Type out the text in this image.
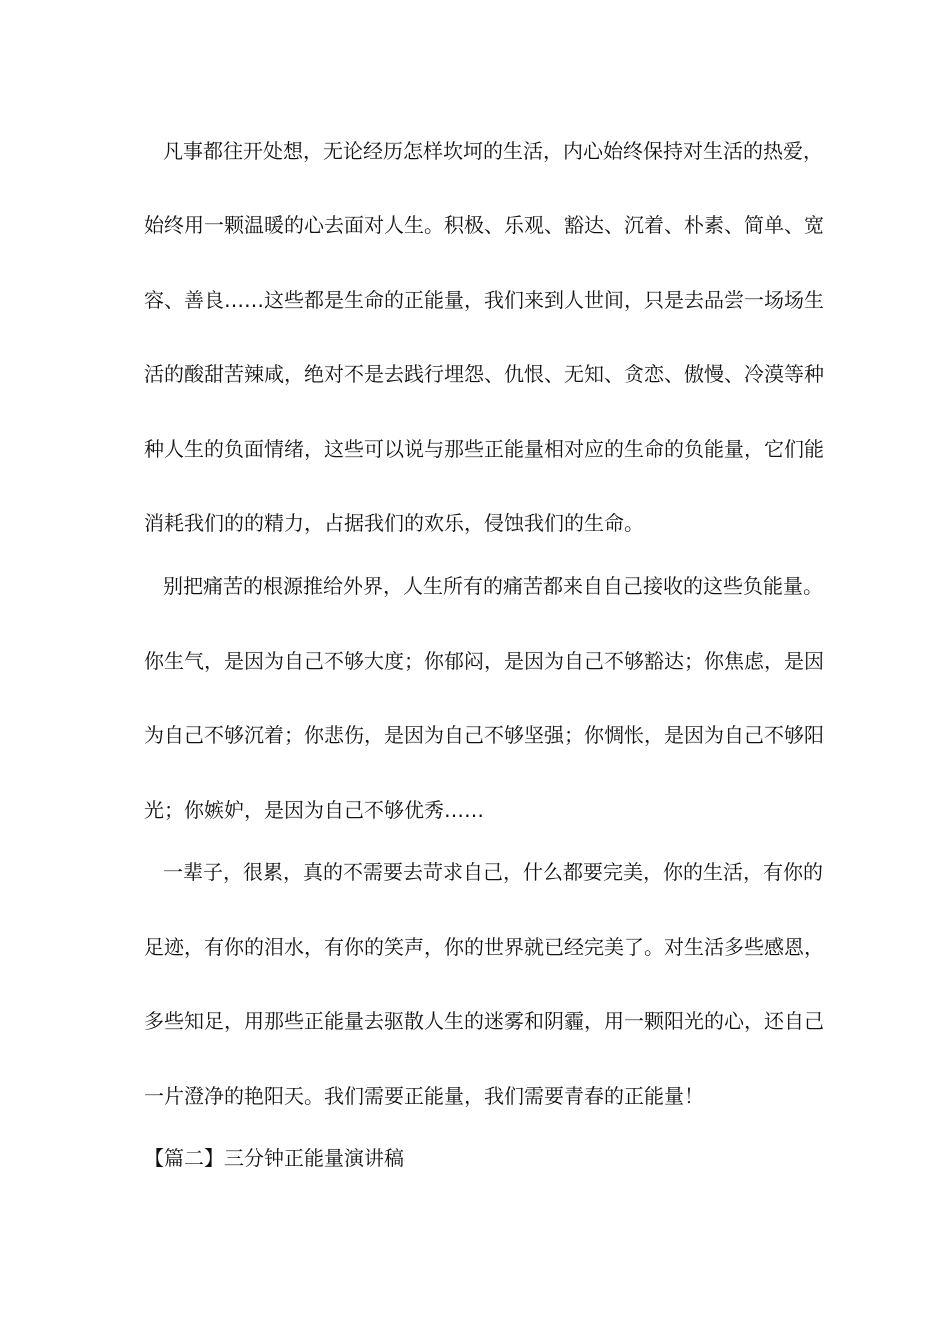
凡事都往开处想，无论经历怎样坎坷的生活，内心始终保持对生活的热爱，
始终用一颗温暖的心去面对人生。积极、乐观、豁达、沉着、朴素、简单、宽
容、善良……这些都是生命的正能量，我们来到人世间，只是去品尝一场场生
活的酸甜苦辣咸，绝对不是去践行埋怨、仇恨、无知、贪恋、傲慢、冷漠等种
种人生的负面情绪，这些可以说与那些正能量相对应的生命的负能量，它们能
消耗我们的的精力，占据我们的欢乐，侵蚀我们的生命。
别把痛苦的根源推给外界，人生所有的痛苦都来自自己接收的这些负能量。
你生气，是因为自己不够大度；你郁闷，是因为自己不够豁达；你焦虑，是因
为自己不够沉着；你悲伤，是因为自己不够坚强；你惆怅，是因为自己不够阳
光；你嫉妒，是因为自己不够优秀……
一辈子，很累，真的不需要去苛求自己，什么都要完美，你的生活，有你的
足迹，有你的泪水，有你的笑声，你的世界就已经完美了。对生活多些感恩，
多些知足，用那些正能量去驱散人生的迷雾和阴霾，用一颗阳光的心，还自己
一片澄净的艳阳天。我们需要正能量，我们需要青春的正能量！
【篇二】三分钟正能量演讲稿
